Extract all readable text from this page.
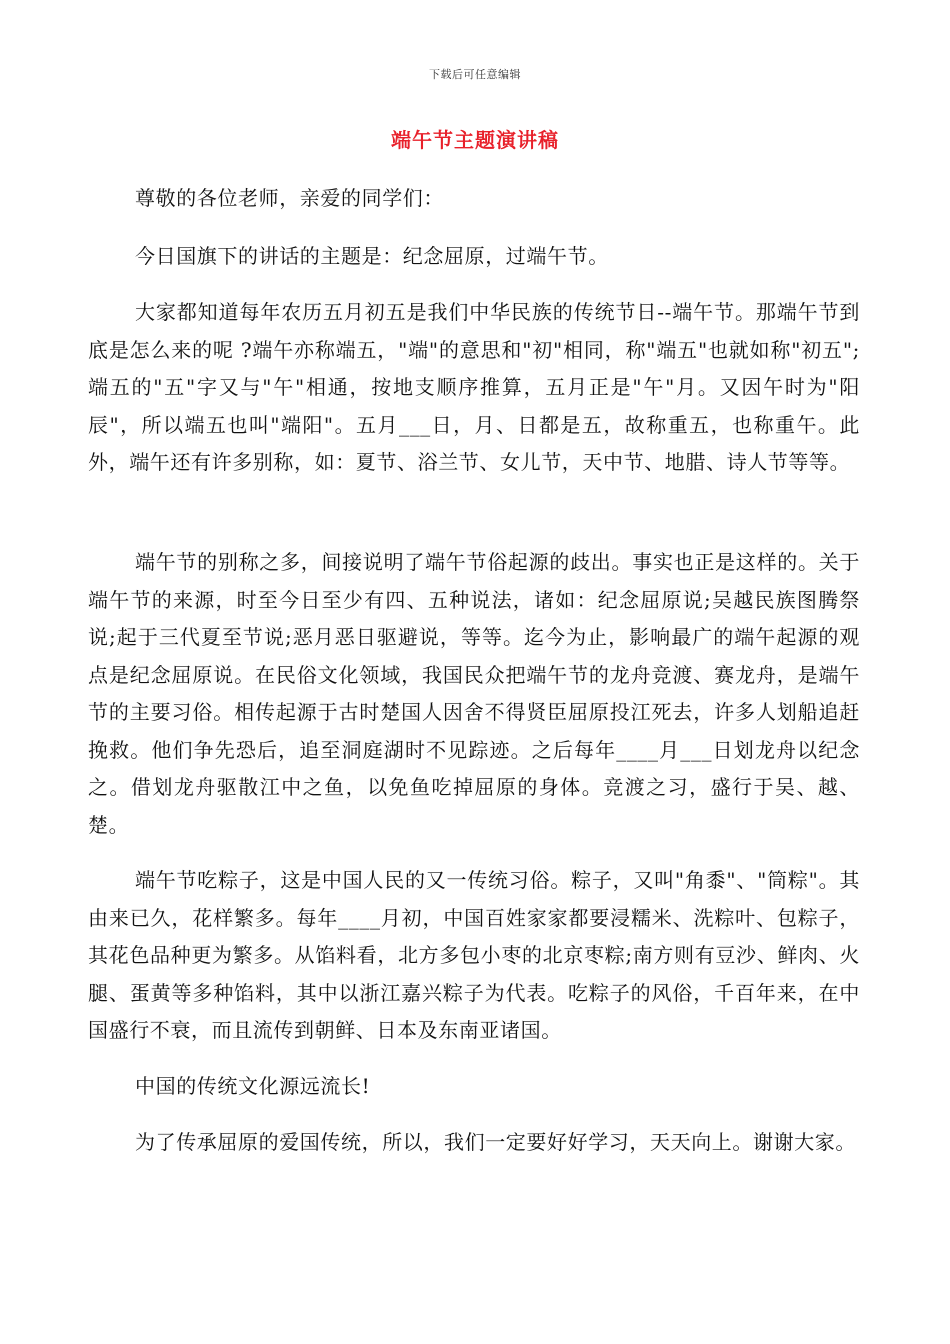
下载后可任意编辑
端午节主题演讲稿

尊敬的各位老师，亲爱的同学们：

今日国旗下的讲话的主题是：纪念屈原，过端午节。

大家都知道每年农历五月初五是我们中华民族的传统节日--端午节。那端午节到底是怎么来的呢 ?端午亦称端五，"端"的意思和"初"相同，称"端五"也就如称"初五";端五的"五"字又与"午"相通，按地支顺序推算，五月正是"午"月。又因午时为"阳辰"，所以端五也叫"端阳"。五月___日，月、日都是五，故称重五，也称重午。此外，端午还有许多别称，如：夏节、浴兰节、女儿节，天中节、地腊、诗人节等等。

端午节的别称之多，间接说明了端午节俗起源的歧出。事实也正是这样的。关于端午节的来源，时至今日至少有四、五种说法，诸如：纪念屈原说;吴越民族图腾祭说;起于三代夏至节说;恶月恶日驱避说，等等。迄今为止，影响最广的端午起源的观点是纪念屈原说。在民俗文化领域，我国民众把端午节的龙舟竞渡、赛龙舟，是端午节的主要习俗。相传起源于古时楚国人因舍不得贤臣屈原投江死去，许多人划船追赶挽救。他们争先恐后，追至洞庭湖时不见踪迹。之后每年____月___日划龙舟以纪念之。借划龙舟驱散江中之鱼，以免鱼吃掉屈原的身体。竞渡之习，盛行于吴、越、楚。

端午节吃粽子，这是中国人民的又一传统习俗。粽子，又叫"角黍"、"筒粽"。其由来已久，花样繁多。每年____月初，中国百姓家家都要浸糯米、洗粽叶、包粽子，其花色品种更为繁多。从馅料看，北方多包小枣的北京枣粽;南方则有豆沙、鲜肉、火腿、蛋黄等多种馅料，其中以浙江嘉兴粽子为代表。吃粽子的风俗，千百年来，在中国盛行不衰，而且流传到朝鲜、日本及东南亚诸国。

中国的传统文化源远流长!

为了传承屈原的爱国传统，所以，我们一定要好好学习，天天向上。谢谢大家。
